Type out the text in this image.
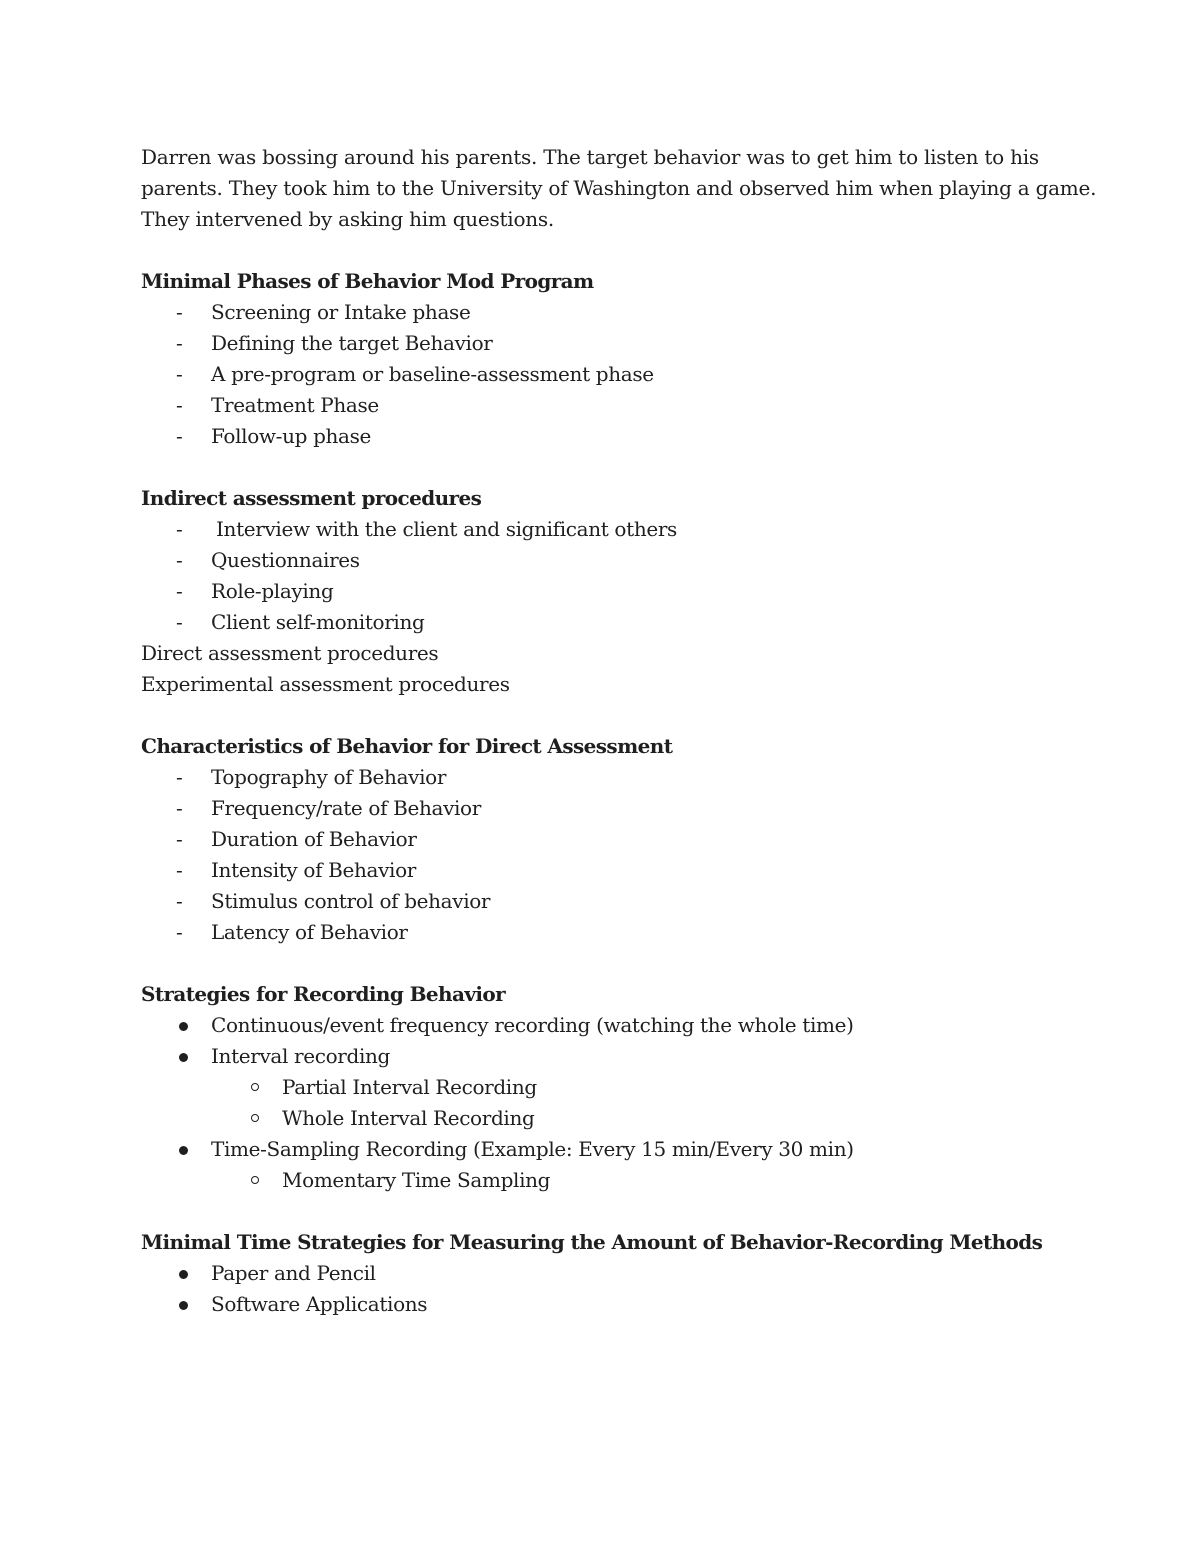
Darren was bossing around his parents. The target behavior was to get him to listen to his
parents. They took him to the University of Washington and observed him when playing a game.
They intervened by asking him questions.
Minimal Phases of Behavior Mod Program
- Screening or Intake phase
- Defining the target Behavior
- A pre-program or baseline-assessment phase
- Treatment Phase
- Follow-up phase
Indirect assessment procedures
- Interview with the client and significant others
- Questionnaires
- Role-playing
- Client self-monitoring
Direct assessment procedures
Experimental assessment procedures
Characteristics of Behavior for Direct Assessment
- Topography of Behavior
- Frequency/rate of Behavior
- Duration of Behavior
- Intensity of Behavior
- Stimulus control of behavior
- Latency of Behavior
Strategies for Recording Behavior
Continuous/event frequency recording (watching the whole time)
Interval recording
Partial Interval Recording
Whole Interval Recording
Time-Sampling Recording (Example: Every 15 min/Every 30 min)
Momentary Time Sampling
Minimal Time Strategies for Measuring the Amount of Behavior-Recording Methods
Paper and Pencil
Software Applications
